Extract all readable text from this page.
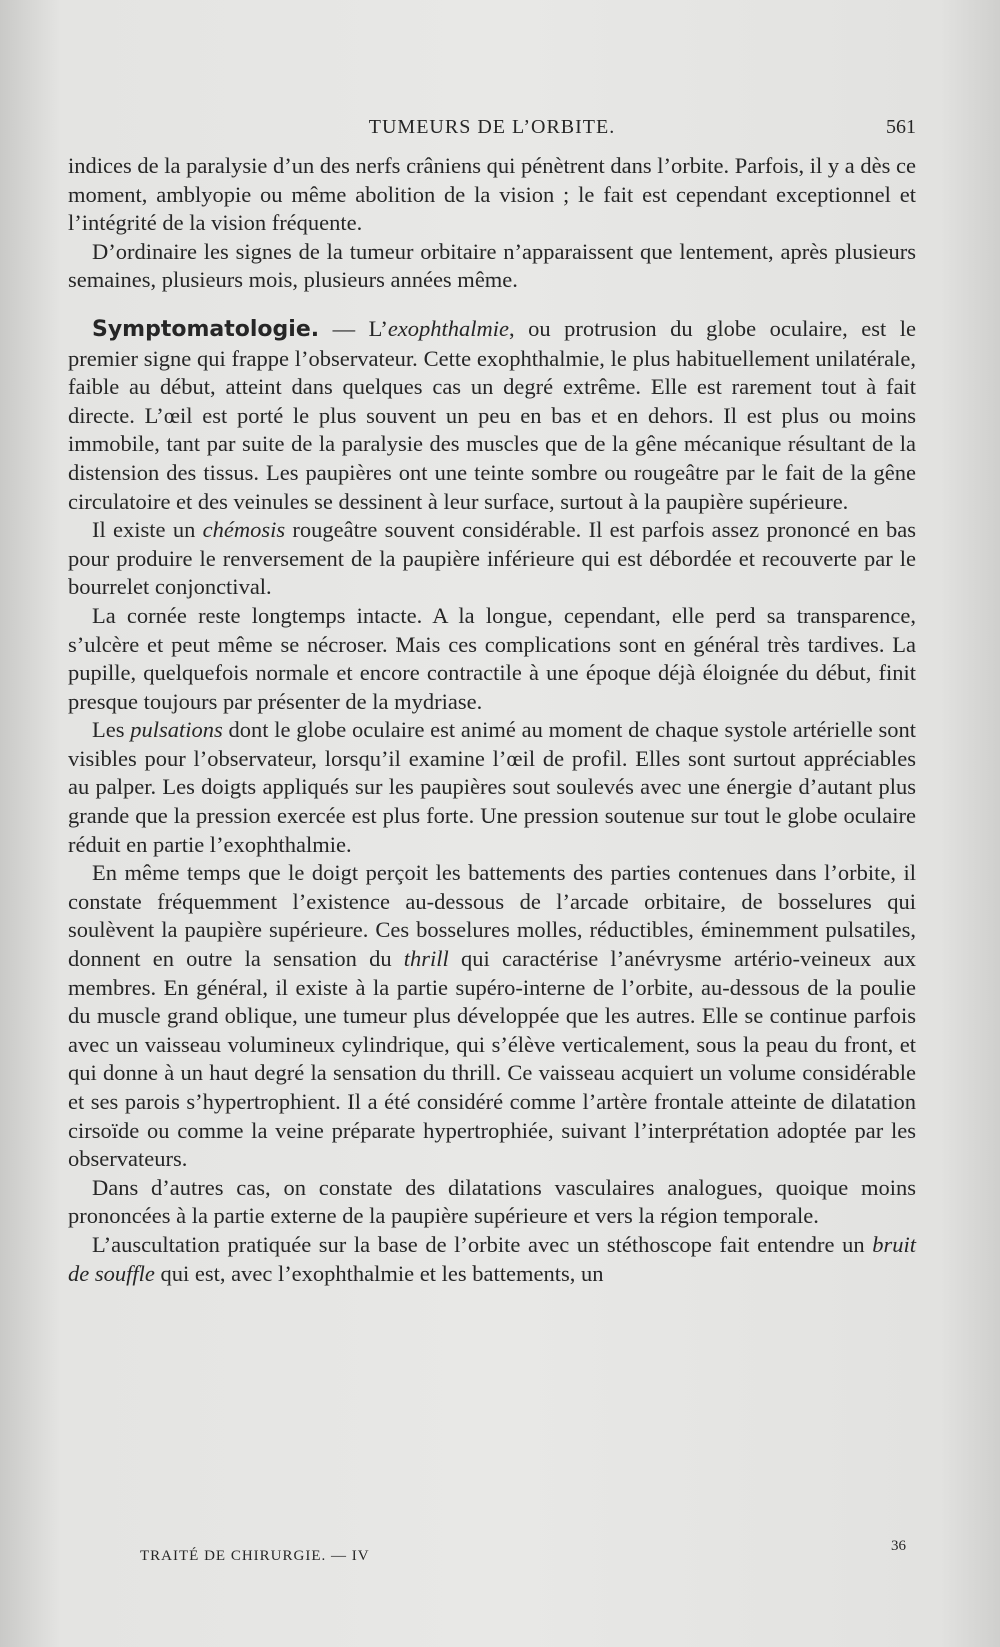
TUMEURS DE L’ORBITE.	561

indices de la paralysie d’un des nerfs crâniens qui pénètrent dans l’orbite. Parfois, il y a dès ce moment, amblyopie ou même abolition de la vision ; le fait est cependant exceptionnel et l’intégrité de la vision fréquente.

D’ordinaire les signes de la tumeur orbitaire n’apparaissent que lentement, après plusieurs semaines, plusieurs mois, plusieurs années même.

Symptomatologie. — L’exophthalmie, ou protrusion du globe oculaire, est le premier signe qui frappe l’observateur. Cette exophthalmie, le plus habituellement unilatérale, faible au début, atteint dans quelques cas un degré extrême. Elle est rarement tout à fait directe. L’œil est porté le plus souvent un peu en bas et en dehors. Il est plus ou moins immobile, tant par suite de la paralysie des muscles que de la gêne mécanique résultant de la distension des tissus. Les paupières ont une teinte sombre ou rougeâtre par le fait de la gêne circulatoire et des veinules se dessinent à leur surface, surtout à la paupière supérieure.

Il existe un chémosis rougeâtre souvent considérable. Il est parfois assez prononcé en bas pour produire le renversement de la paupière inférieure qui est débordée et recouverte par le bourrelet conjonctival.

La cornée reste longtemps intacte. A la longue, cependant, elle perd sa transparence, s’ulcère et peut même se nécroser. Mais ces complications sont en général très tardives. La pupille, quelquefois normale et encore contractile à une époque déjà éloignée du début, finit presque toujours par présenter de la mydriase.

Les pulsations dont le globe oculaire est animé au moment de chaque systole artérielle sont visibles pour l’observateur, lorsqu’il examine l’œil de profil. Elles sont surtout appréciables au palper. Les doigts appliqués sur les paupières sout soulevés avec une énergie d’autant plus grande que la pression exercée est plus forte. Une pression soutenue sur tout le globe oculaire réduit en partie l’exophthalmie.

En même temps que le doigt perçoit les battements des parties contenues dans l’orbite, il constate fréquemment l’existence au-dessous de l’arcade orbitaire, de bosselures qui soulèvent la paupière supérieure. Ces bosselures molles, réductibles, éminemment pulsatiles, donnent en outre la sensation du thrill qui caractérise l’anévrysme artério-veineux aux membres. En général, il existe à la partie supéro-interne de l’orbite, au-dessous de la poulie du muscle grand oblique, une tumeur plus développée que les autres. Elle se continue parfois avec un vaisseau volumineux cylindrique, qui s’élève verticalement, sous la peau du front, et qui donne à un haut degré la sensation du thrill. Ce vaisseau acquiert un volume considérable et ses parois s’hypertrophient. Il a été considéré comme l’artère frontale atteinte de dilatation cirsoïde ou comme la veine préparate hypertrophiée, suivant l’interprétation adoptée par les observateurs.

Dans d’autres cas, on constate des dilatations vasculaires analogues, quoique moins prononcées à la partie externe de la paupière supérieure et vers la région temporale.

L’auscultation pratiquée sur la base de l’orbite avec un stéthoscope fait entendre un bruit de souffle qui est, avec l’exophthalmie et les battements, un

TRAITÉ DE CHIRURGIE. — IV
36
